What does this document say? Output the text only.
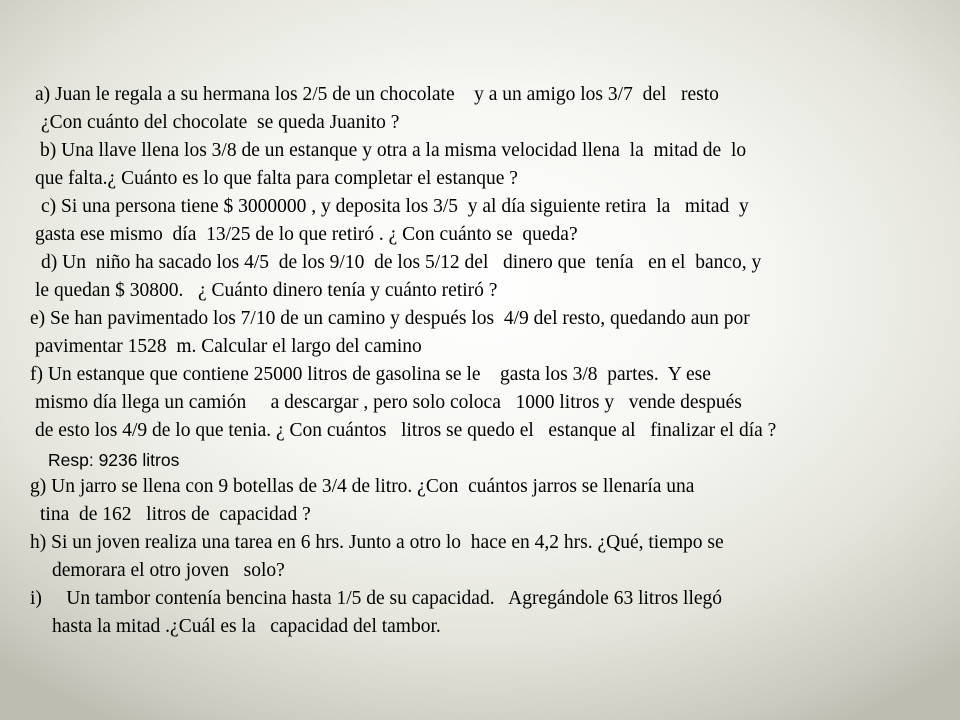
a) Juan le regala a su hermana los 2/5 de un chocolate    y a un amigo los 3/7  del   resto

¿Con cuánto del chocolate  se queda Juanito ?

b) Una llave llena los 3/8 de un estanque y otra a la misma velocidad llena  la  mitad de  lo

que falta.¿ Cuánto es lo que falta para completar el estanque ?

c) Si una persona tiene $ 3000000 , y deposita los 3/5  y al día siguiente retira  la   mitad  y

gasta ese mismo  día  13/25 de lo que retiró . ¿ Con cuánto se  queda?

d) Un  niño ha sacado los 4/5  de los 9/10  de los 5/12 del   dinero que  tenía   en el  banco, y

le quedan $ 30800.   ¿ Cuánto dinero tenía y cuánto retiró ?

e) Se han pavimentado los 7/10 de un camino y después los  4/9 del resto, quedando aun por

pavimentar 1528  m. Calcular el largo del camino

f) Un estanque que contiene 25000 litros de gasolina se le    gasta los 3/8  partes.  Y ese

mismo día llega un camión     a descargar , pero solo coloca   1000 litros y   vende después

de esto los 4/9 de lo que tenia. ¿ Con cuántos   litros se quedo el   estanque al   finalizar el día ?

Resp: 9236 litros

g) Un jarro se llena con 9 botellas de 3/4 de litro. ¿Con  cuántos jarros se llenaría una

tina  de 162   litros de  capacidad ?

h) Si un joven realiza una tarea en 6 hrs. Junto a otro lo  hace en 4,2 hrs. ¿Qué, tiempo se

demorara el otro joven   solo?

i)     Un tambor contenía bencina hasta 1/5 de su capacidad.   Agregándole 63 litros llegó

hasta la mitad .¿Cuál es la   capacidad del tambor.
